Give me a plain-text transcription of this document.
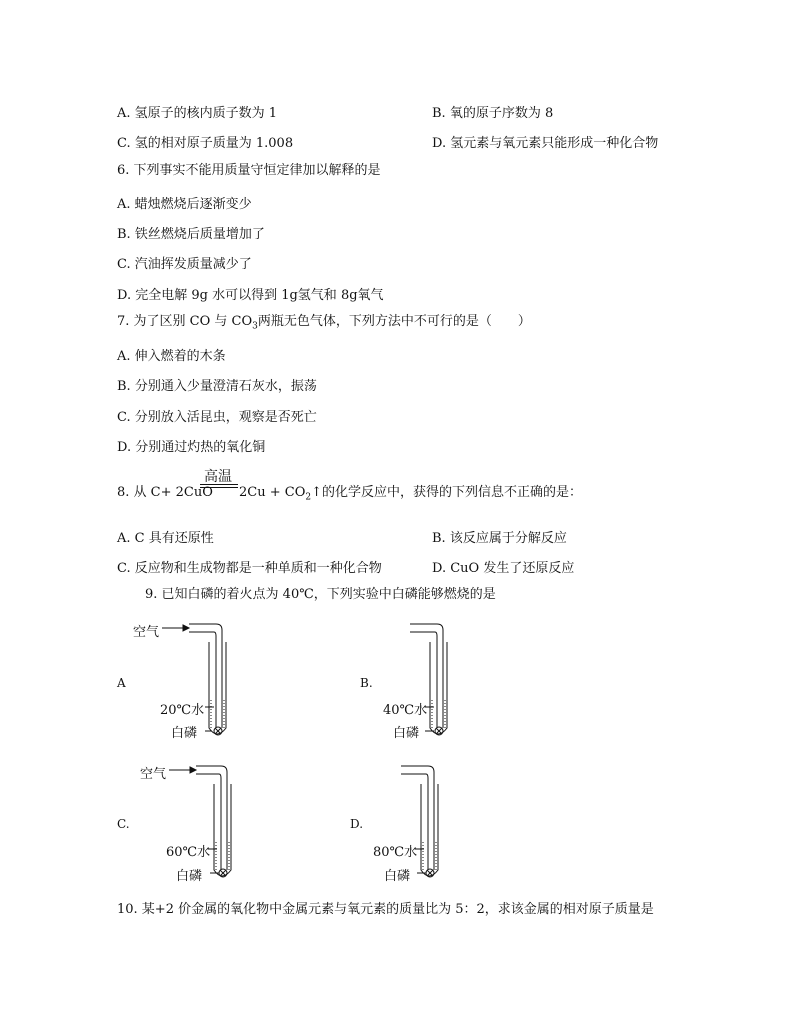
A. 氢原子的核内质子数为 1	B. 氧的原子序数为 8
C. 氢的相对原子质量为 1.008	D. 氢元素与氧元素只能形成一种化合物
6. 下列事实不能用质量守恒定律加以解释的是
A. 蜡烛燃烧后逐渐变少
B. 铁丝燃烧后质量增加了
C. 汽油挥发质量减少了
D. 完全电解 9g 水可以得到 1g氢气和 8g氧气
7. 为了区别 CO 与 $CO_3$两瓶无色气体，下列方法中不可行的是（　　）
A. 伸入燃着的木条
B. 分别通入少量澄清石灰水，振荡
C. 分别放入活昆虫，观察是否死亡
D. 分别通过灼热的氧化铜
8. 从 C+ 2CuO
高温
$2Cu + CO_2↑$的化学反应中，获得的下列信息不正确的是：
A. C 具有还原性	B. 该反应属于分解反应
C. 反应物和生成物都是一种单质和一种化合物	D. CuO 发生了还原反应
9. 已知白磷的着火点为 40℃，下列实验中白磷能够燃烧的是
A
空气
20℃水
白磷
B.
40℃水
白磷
C.
空气
60℃水
白磷
D.
80℃水
白磷
10. 某+2 价金属的氧化物中金属元素与氧元素的质量比为 5：2，求该金属的相对原子质量是
